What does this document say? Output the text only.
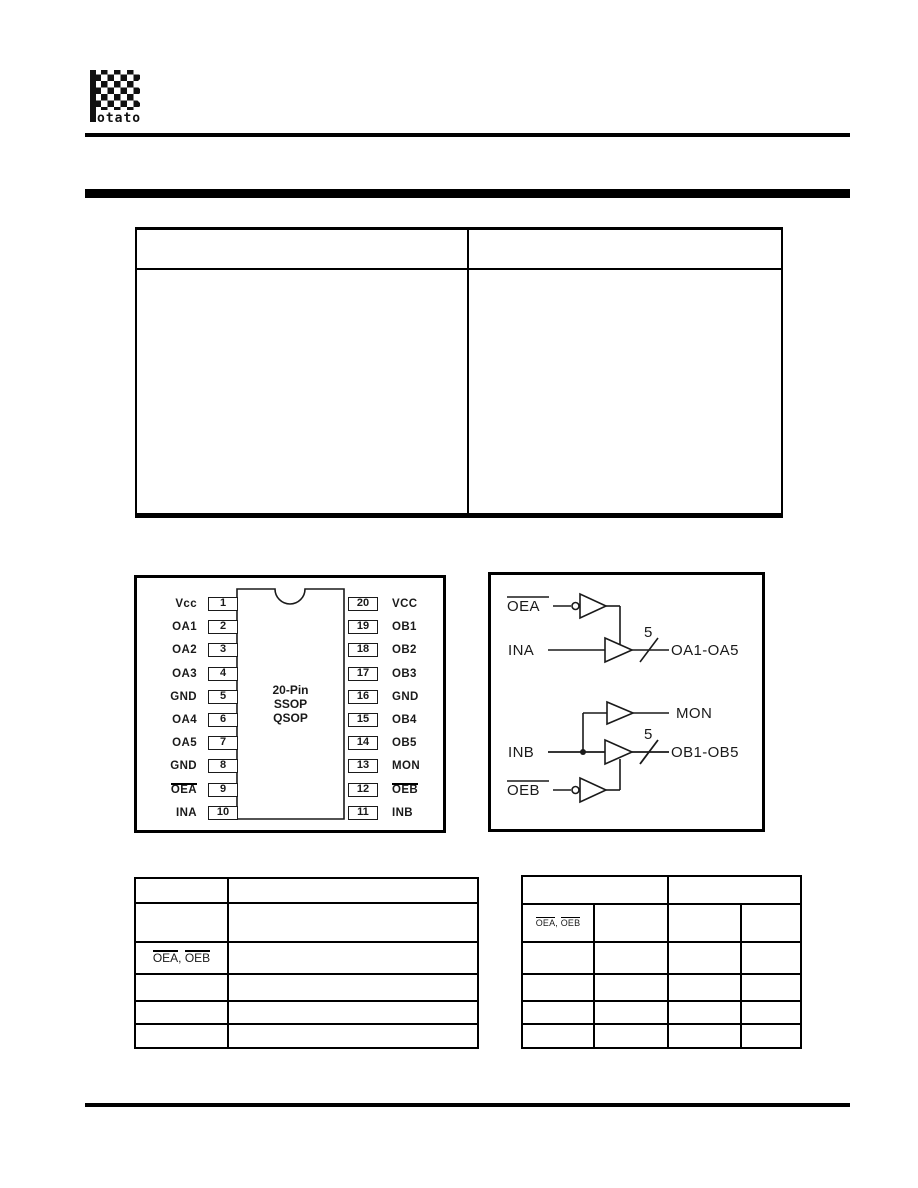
otato
20-Pin
SSOP
QSOP
Vcc	1
OA1	2
OA2	3
OA3	4
GND	5
OA4	6
OA5	7
GND	8
OEA	9
INA	10
20	VCC
19	OB1
18	OB2
17	OB3
16	GND
15	OB4
14	OB5
13	MON
12	OEB
11	INB
OEA
INA
5
OA1-OA5
MON
INB
5
OB1-OB5
OEB

OEA, OEB	

OEA, OEB			
